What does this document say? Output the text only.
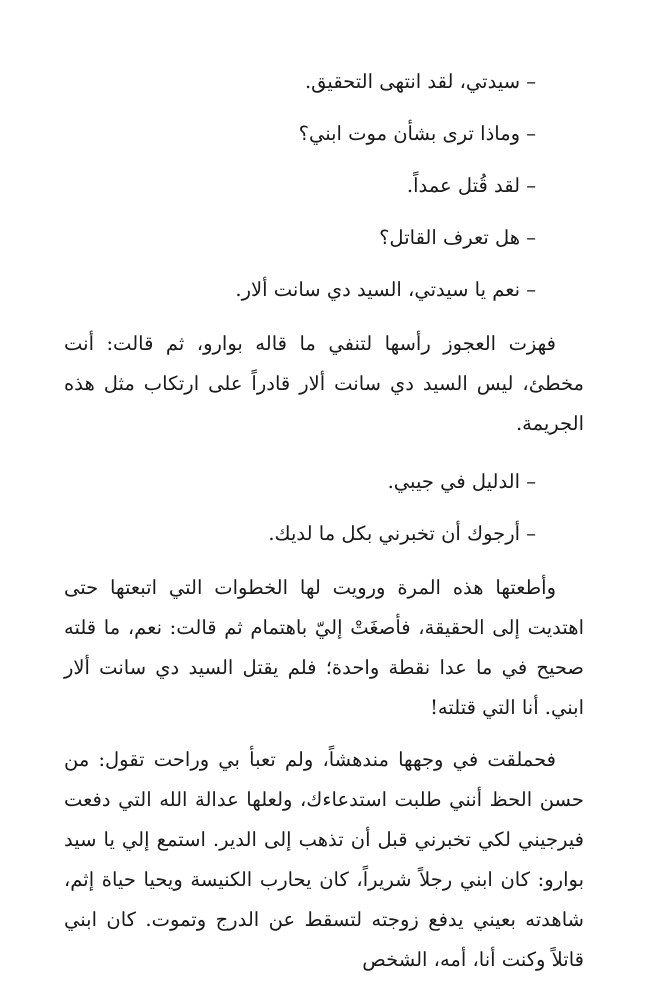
– سيدتي، لقد انتهى التحقيق.

– وماذا ترى بشأن موت ابني؟

– لقد قُتل عمداً.

– هل تعرف القاتل؟

– نعم يا سيدتي، السيد دي سانت ألار.

فهزت العجوز رأسها لتنفي ما قاله بوارو، ثم قالت: أنت مخطئ، ليس السيد دي سانت ألار قادراً على ارتكاب مثل هذه الجريمة.

– الدليل في جيبي.

– أرجوك أن تخبرني بكل ما لديك.

وأطعتها هذه المرة ورويت لها الخطوات التي اتبعتها حتى اهتديت إلى الحقيقة، فأصغَتْ إليّ باهتمام ثم قالت: نعم، ما قلته صحيح في ما عدا نقطة واحدة؛ فلم يقتل السيد دي سانت ألار ابني. أنا التي قتلته!

فحملقت في وجهها مندهشاً، ولم تعبأ بي وراحت تقول: من حسن الحظ أنني طلبت استدعاءك، ولعلها عدالة الله التي دفعت فيرجيني لكي تخبرني قبل أن تذهب إلى الدير. استمع إلي يا سيد بوارو: كان ابني رجلاً شريراً، كان يحارب الكنيسة ويحيا حياة إثم، شاهدته بعيني يدفع زوجته لتسقط عن الدرج وتموت. كان ابني قاتلاً وكنت أنا، أمه، الشخص
